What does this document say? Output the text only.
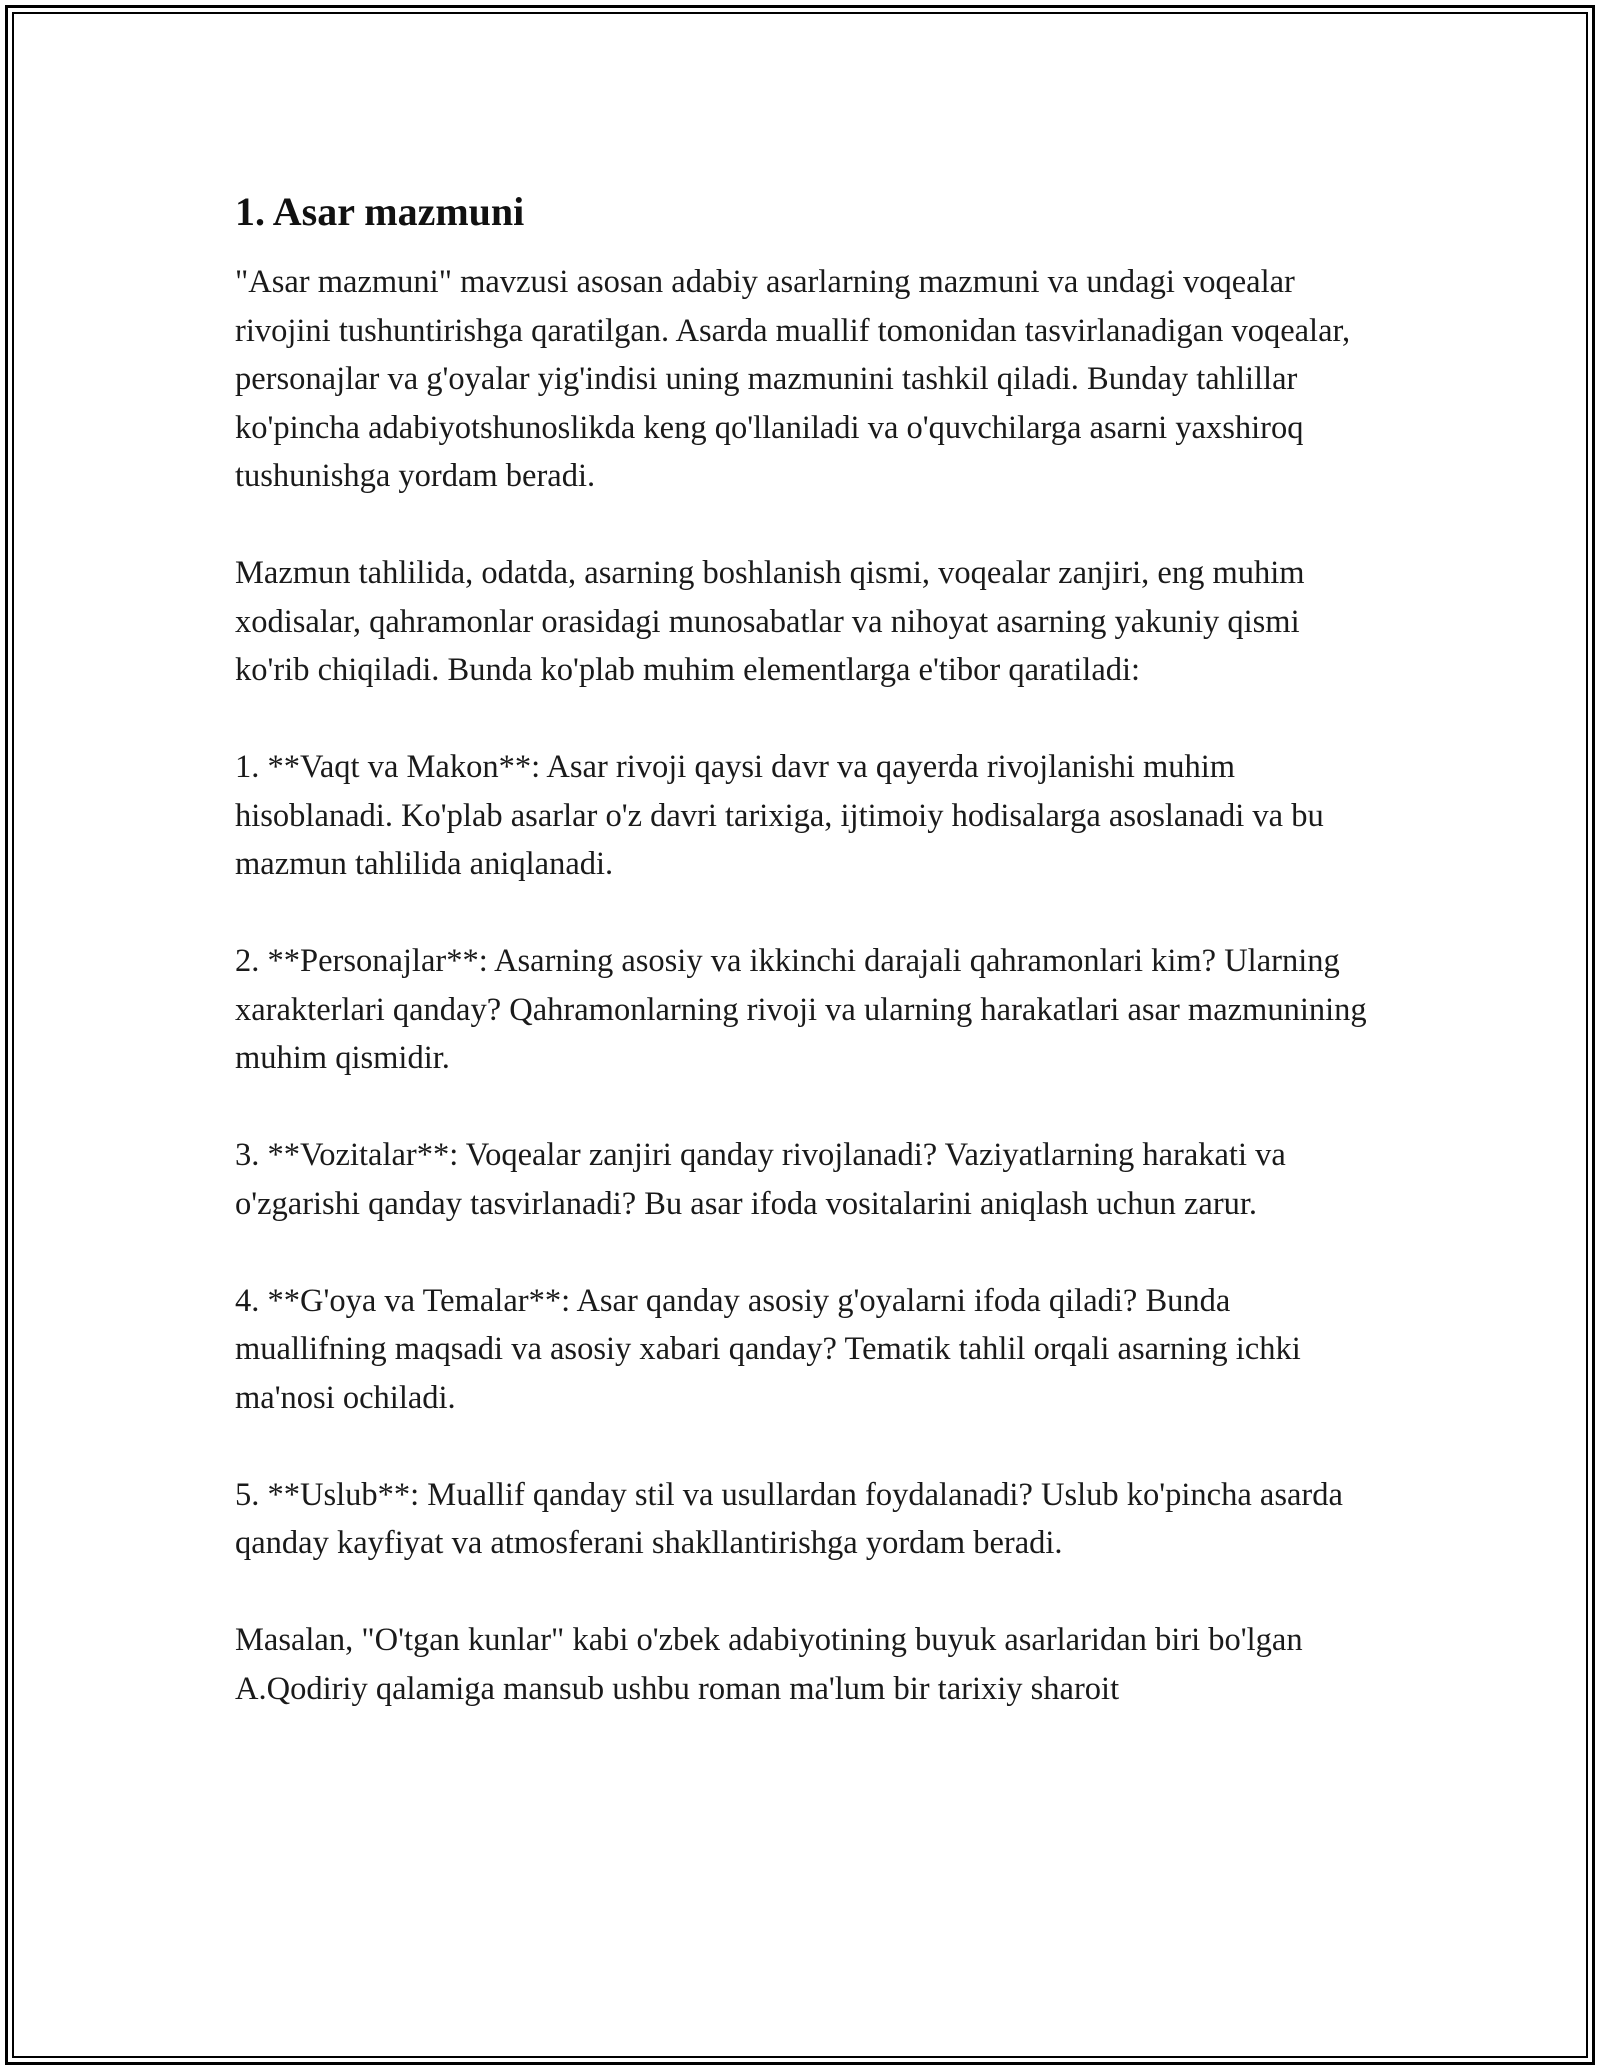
1. Asar mazmuni

"Asar mazmuni" mavzusi asosan adabiy asarlarning mazmuni va undagi voqealar rivojini tushuntirishga qaratilgan. Asarda muallif tomonidan tasvirlanadigan voqealar, personajlar va g'oyalar yig'indisi uning mazmunini tashkil qiladi. Bunday tahlillar ko'pincha adabiyotshunoslikda keng qo'llaniladi va o'quvchilarga asarni yaxshiroq tushunishga yordam beradi.

Mazmun tahlilida, odatda, asarning boshlanish qismi, voqealar zanjiri, eng muhim xodisalar, qahramonlar orasidagi munosabatlar va nihoyat asarning yakuniy qismi ko'rib chiqiladi. Bunda ko'plab muhim elementlarga e'tibor qaratiladi:

1. **Vaqt va Makon**: Asar rivoji qaysi davr va qayerda rivojlanishi muhim hisoblanadi. Ko'plab asarlar o'z davri tarixiga, ijtimoiy hodisalarga asoslanadi va bu mazmun tahlilida aniqlanadi.

2. **Personajlar**: Asarning asosiy va ikkinchi darajali qahramonlari kim? Ularning xarakterlari qanday? Qahramonlarning rivoji va ularning harakatlari asar mazmunining muhim qismidir.

3. **Vozitalar**: Voqealar zanjiri qanday rivojlanadi? Vaziyatlarning harakati va o'zgarishi qanday tasvirlanadi? Bu asar ifoda vositalarini aniqlash uchun zarur.

4. **G'oya va Temalar**: Asar qanday asosiy g'oyalarni ifoda qiladi? Bunda muallifning maqsadi va asosiy xabari qanday? Tematik tahlil orqali asarning ichki ma'nosi ochiladi.

5. **Uslub**: Muallif qanday stil va usullardan foydalanadi? Uslub ko'pincha asarda qanday kayfiyat va atmosferani shakllantirishga yordam beradi.

Masalan, "O'tgan kunlar" kabi o'zbek adabiyotining buyuk asarlaridan biri bo'lgan A.Qodiriy qalamiga mansub ushbu roman ma'lum bir tarixiy sharoit
